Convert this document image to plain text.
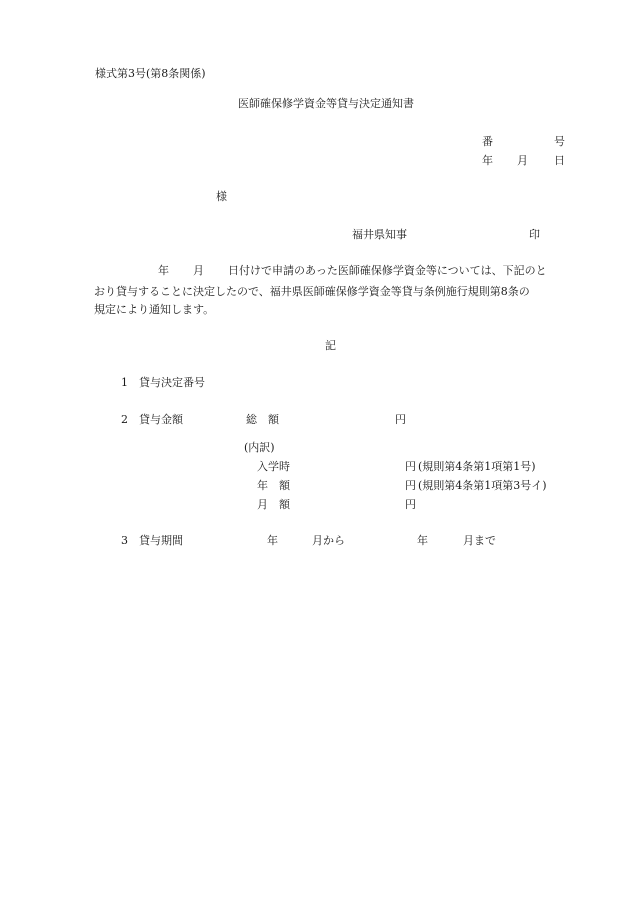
様式第3号(第8条関係)
医師確保修学資金等貸与決定通知書
番	号
年 月 日
様
福井県知事	印
年 月 日付けで申請のあった医師確保修学資金等については、下記のと
おり貸与することに決定したので、福井県医師確保修学資金等貸与条例施行規則第8条の
規定により通知します。
記
1 貸与決定番号
2 貸与金額	総　額	円
(内訳)
入学時	円 (規則第4条第1項第1号)
年　額	円 (規則第4条第1項第3号イ)
月　額	円
3 貸与期間	年	月から	年	月まで
